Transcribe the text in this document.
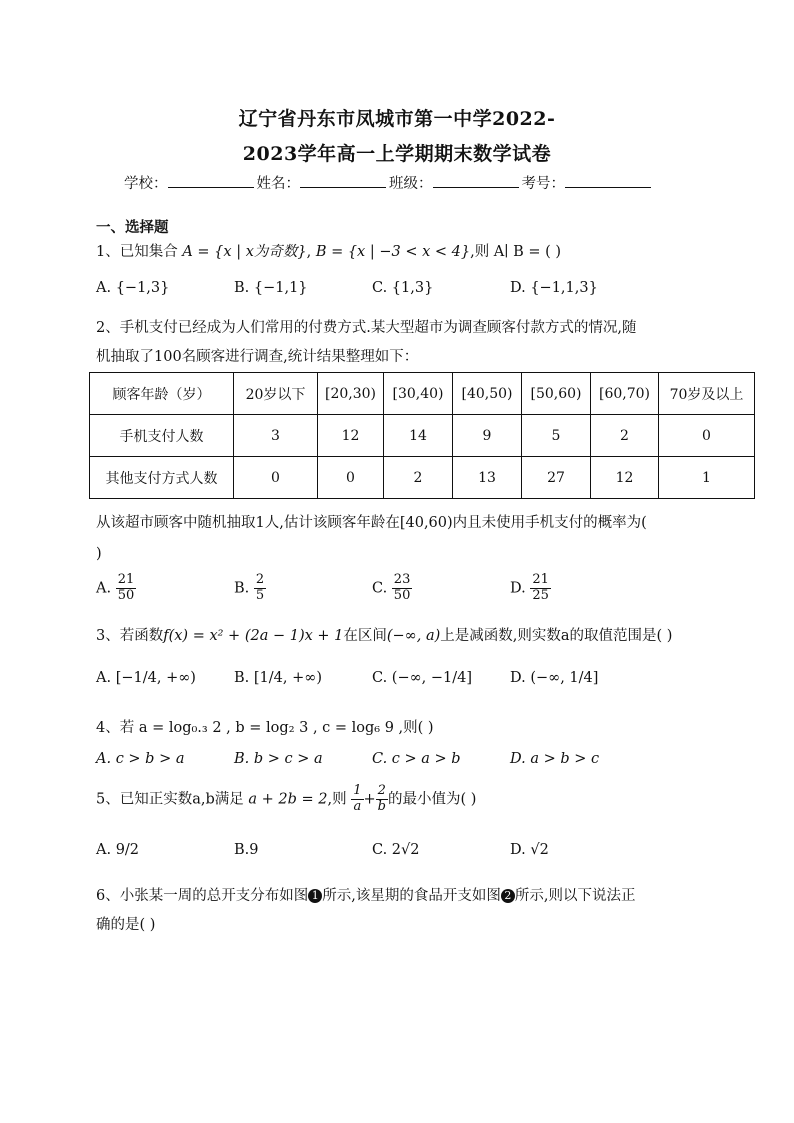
辽宁省丹东市凤城市第一中学2022-
2023学年高一上学期期末数学试卷
学校：	姓名：	班级：	考号：
一、选择题
1、已知集合 A = {x | x为奇数}, B = {x | −3 < x < 4},则 A∣ B = ( )
A. {−1,3}	B. {−1,1}	C. {1,3}	D. {−1,1,3}
2、手机支付已经成为人们常用的付费方式.某大型超市为调查顾客付款方式的情况,随
机抽取了100名顾客进行调查,统计结果整理如下：
顾客年龄（岁）	20岁以下	[20,30)	[30,40)	[40,50)	[50,60)	[60,70)	70岁及以上
手机支付人数	3	12	14	9	5	2	0
其他支付方式人数	0	0	2	13	27	12	1
从该超市顾客中随机抽取1人,估计该顾客年龄在[40,60)内且未使用手机支付的概率为(
)
A. $\frac{21}{50}$	B. $\frac{2}{5}$	C. $\frac{23}{50}$	D. $\frac{21}{25}$
3、若函数f(x) = x² + (2a − 1)x + 1在区间(−∞, a)上是减函数,则实数a的取值范围是( )
A. [−1/4, +∞)	B. [1/4, +∞)	C. (−∞, −1/4]	D. (−∞, 1/4]
4、若 a = log₀.₃ 2 , b = log₂ 3 , c = log₆ 9 ,则( )
A. c > b > a	B. b > c > a	C. c > a > b	D. a > b > c
5、已知正实数a,b满足 a + 2b = 2,则 $\frac{1}{a} + \frac{2}{b}$ 的最小值为( )
A. 9/2	B.9	C. 2√2	D. √2
6、小张某一周的总开支分布如图 1 所示,该星期的食品开支如图 2 所示,则以下说法正
确的是( )
